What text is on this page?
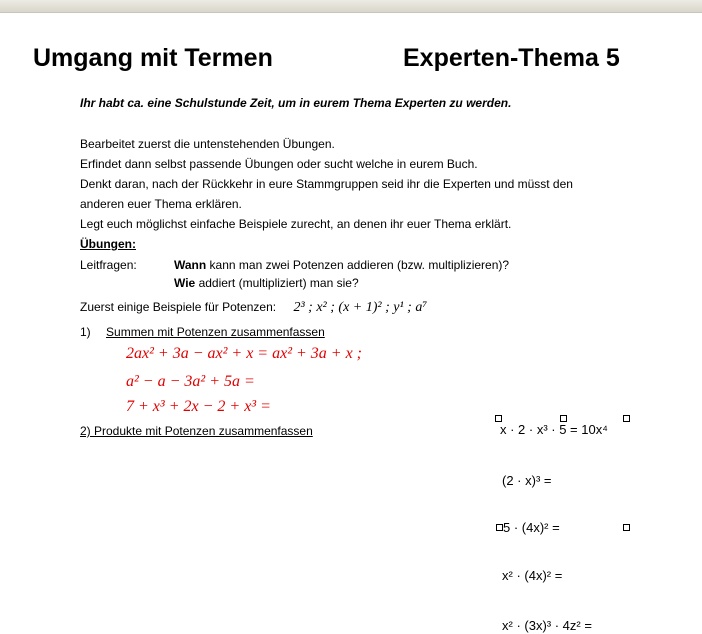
Umgang mit Termen	Experten-Thema 5
Ihr habt ca. eine Schulstunde Zeit, um in eurem Thema Experten zu werden.
Bearbeitet zuerst die untenstehenden Übungen.
Erfindet dann selbst passende Übungen oder sucht welche in eurem Buch.
Denkt daran, nach der Rückkehr in eure Stammgruppen seid ihr die Experten und müsst den
anderen euer Thema erklären.
Legt euch möglichst einfache Beispiele zurecht, an denen ihr euer Thema erklärt.
Übungen:
Leitfragen:	Wann kann man zwei Potenzen addieren (bzw. multiplizieren)?
Wie addiert (multipliziert) man sie?
Zuerst einige Beispiele für Potenzen: 2³ ; x² ; (x + 1)² ; y¹ ; a⁷
1) Summen mit Potenzen zusammenfassen
2ax² + 3a − ax² + x = ax² + 3a + x ;
a² − a − 3a² + 5a =
7 + x³ + 2x − 2 + x³ =
2) Produkte mit Potenzen zusammenfassen	x · 2 · x³ · 5 = 10x⁴
(2 · x)³ =
5 · (4x)² =
x² · (4x)² =
x² · (3x)³ · 4z² =
